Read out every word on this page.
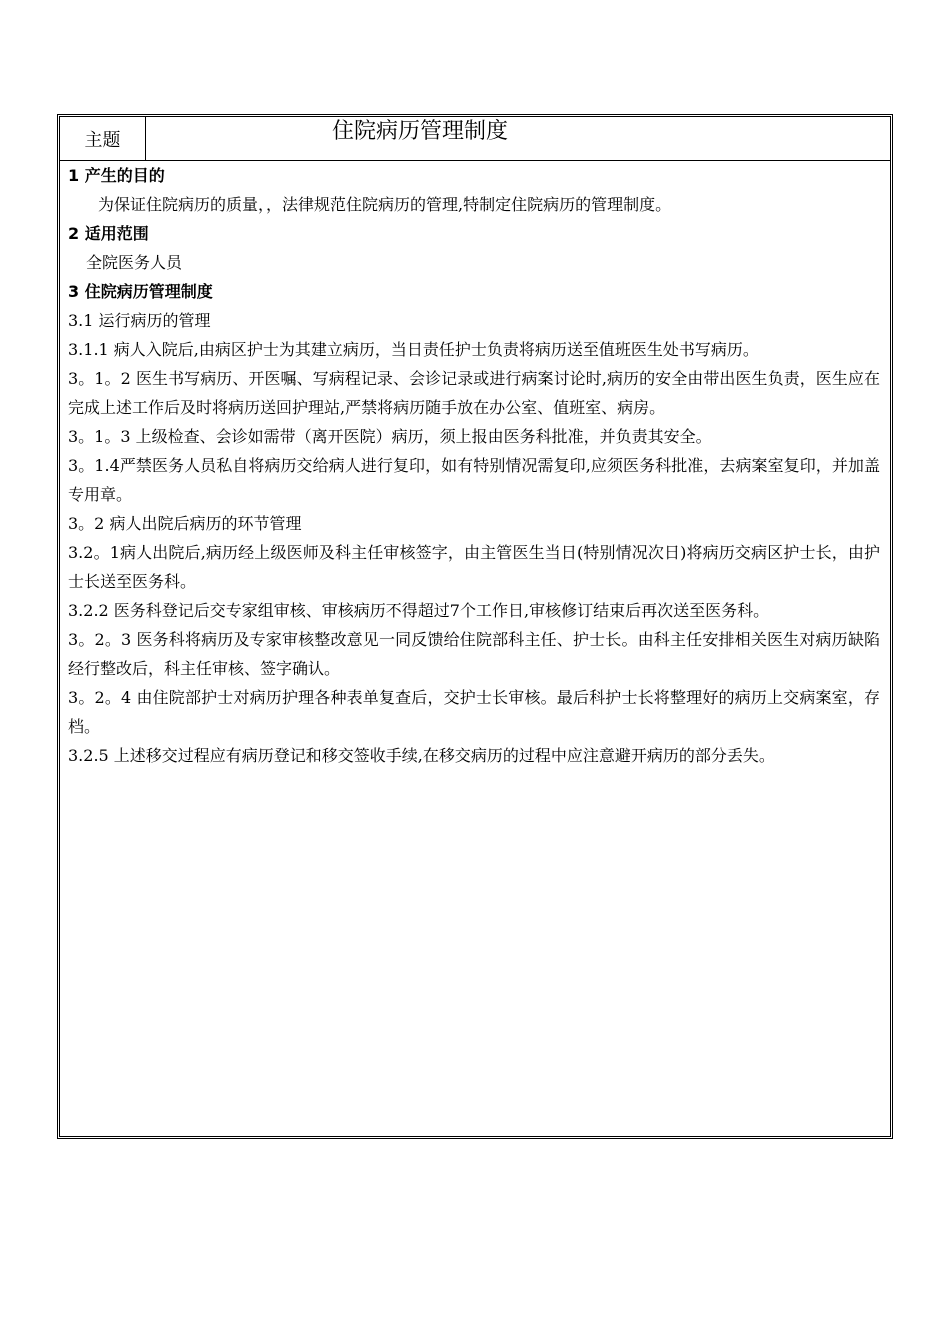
主题	住院病历管理制度

1 产生的目的

为保证住院病历的质量，，法律规范住院病历的管理,特制定住院病历的管理制度。

2 适用范围

全院医务人员

3 住院病历管理制度

3.1 运行病历的管理

3.1.1 病人入院后,由病区护士为其建立病历，当日责任护士负责将病历送至值班医生处书写病历。

3。1。2 医生书写病历、开医嘱、写病程记录、会诊记录或进行病案讨论时,病历的安全由带出医生负责，医生应在完成上述工作后及时将病历送回护理站,严禁将病历随手放在办公室、值班室、病房。

3。1。3 上级检查、会诊如需带（离开医院）病历，须上报由医务科批准，并负责其安全。

3。1.4严禁医务人员私自将病历交给病人进行复印，如有特别情况需复印,应须医务科批准，去病案室复印，并加盖专用章。

3。2 病人出院后病历的环节管理

3.2。1病人出院后,病历经上级医师及科主任审核签字，由主管医生当日(特别情况次日)将病历交病区护士长，由护士长送至医务科。

3.2.2 医务科登记后交专家组审核、审核病历不得超过7个工作日,审核修订结束后再次送至医务科。

3。2。3 医务科将病历及专家审核整改意见一同反馈给住院部科主任、护士长。由科主任安排相关医生对病历缺陷经行整改后，科主任审核、签字确认。

3。2。4 由住院部护士对病历护理各种表单复查后，交护士长审核。最后科护士长将整理好的病历上交病案室，存档。

3.2.5 上述移交过程应有病历登记和移交签收手续,在移交病历的过程中应注意避开病历的部分丢失。
